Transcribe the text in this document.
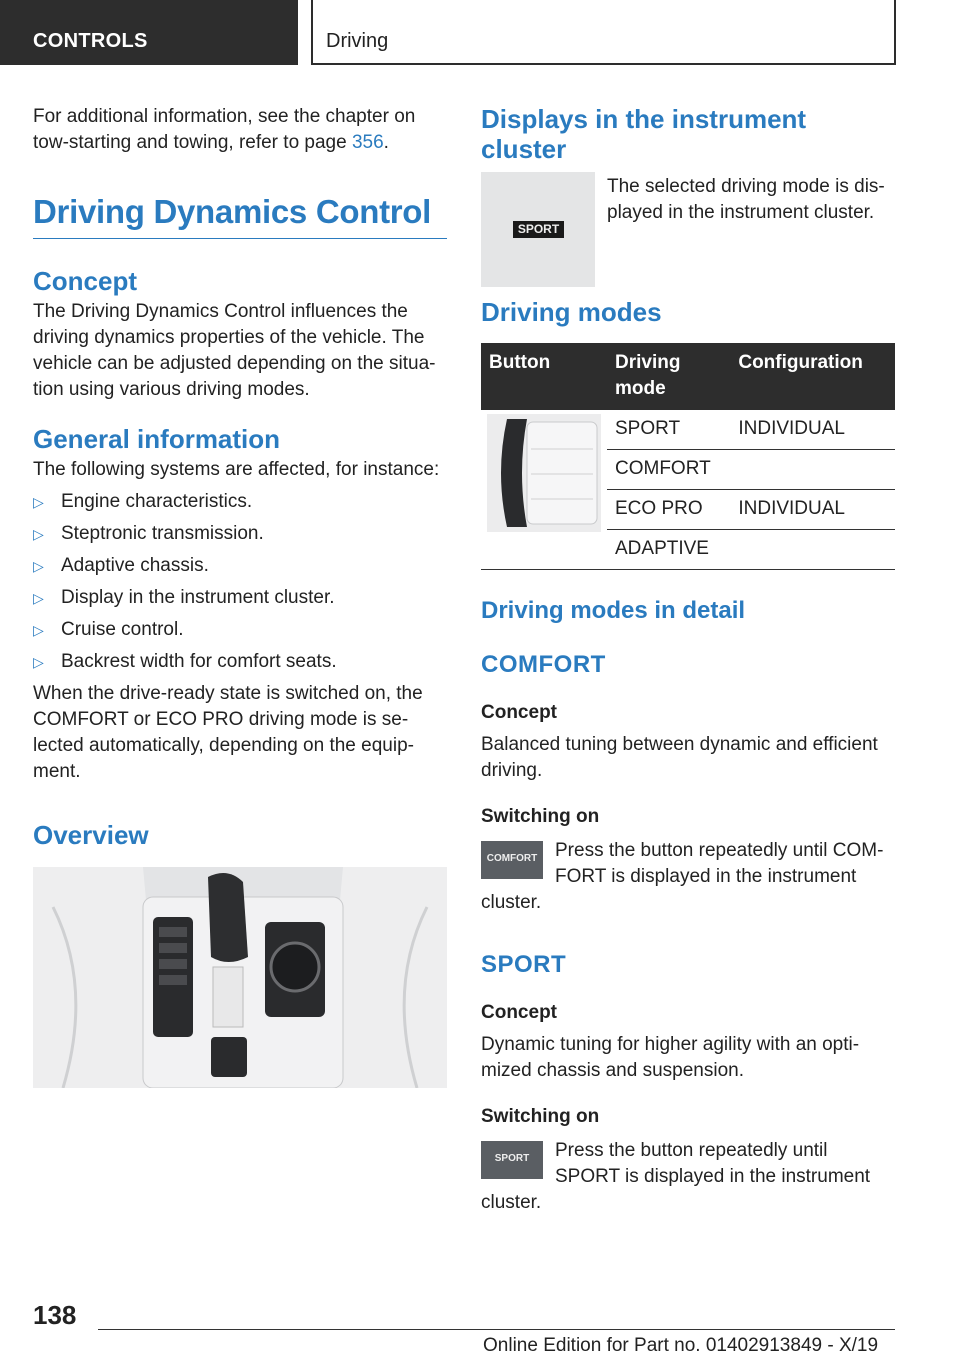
CONTROLS	Driving

For additional information, see the chapter on tow-starting and towing, refer to page 356.

Driving Dynamics Control
Concept

The Driving Dynamics Control influences the driving dynamics properties of the vehicle. The vehicle can be adjusted depending on the situation using various driving modes.

General information

The following systems are affected, for instance:

▷ Engine characteristics.
▷ Steptronic transmission.
▷ Adaptive chassis.
▷ Display in the instrument cluster.
▷ Cruise control.
▷ Backrest width for comfort seats.

When the drive-ready state is switched on, the COMFORT or ECO PRO driving mode is selected automatically, depending on the equipment.

Overview
Displays in the instrument cluster
SPORT

The selected driving mode is displayed in the instrument cluster.

Driving modes
Button	Driving mode	Configuration

	SPORT	INDIVIDUAL
	COMFORT	
	ECO PRO	INDIVIDUAL
	ADAPTIVE	
Driving modes in detail
COMFORT
Concept

Balanced tuning between dynamic and efficient driving.

Switching on
COMFORT Press the button repeatedly until COMFORT is displayed in the instrument cluster.

SPORT
Concept

Dynamic tuning for higher agility with an optimized chassis and suspension.

Switching on
SPORT	Press the button repeatedly until SPORT is displayed in the instrument cluster.

138
Online Edition for Part no. 01402913849 - X/19
